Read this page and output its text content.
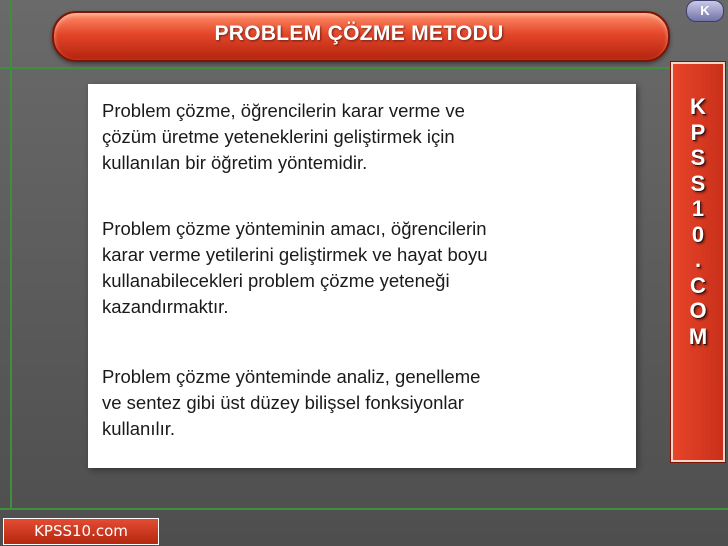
PROBLEM ÇÖZME METODU
K
Problem çözme, öğrencilerin karar verme ve
çözüm üretme yeteneklerini geliştirmek için
kullanılan bir öğretim yöntemidir.
Problem çözme yönteminin amacı, öğrencilerin
karar verme yetilerini geliştirmek ve hayat boyu
kullanabilecekleri problem çözme yeteneği
kazandırmaktır.
Problem çözme yönteminde analiz, genelleme
ve sentez gibi üst düzey bilişsel fonksiyonlar
kullanılır.
K
P
S
S
1
0
.
C
O
M
KPSS10.com
